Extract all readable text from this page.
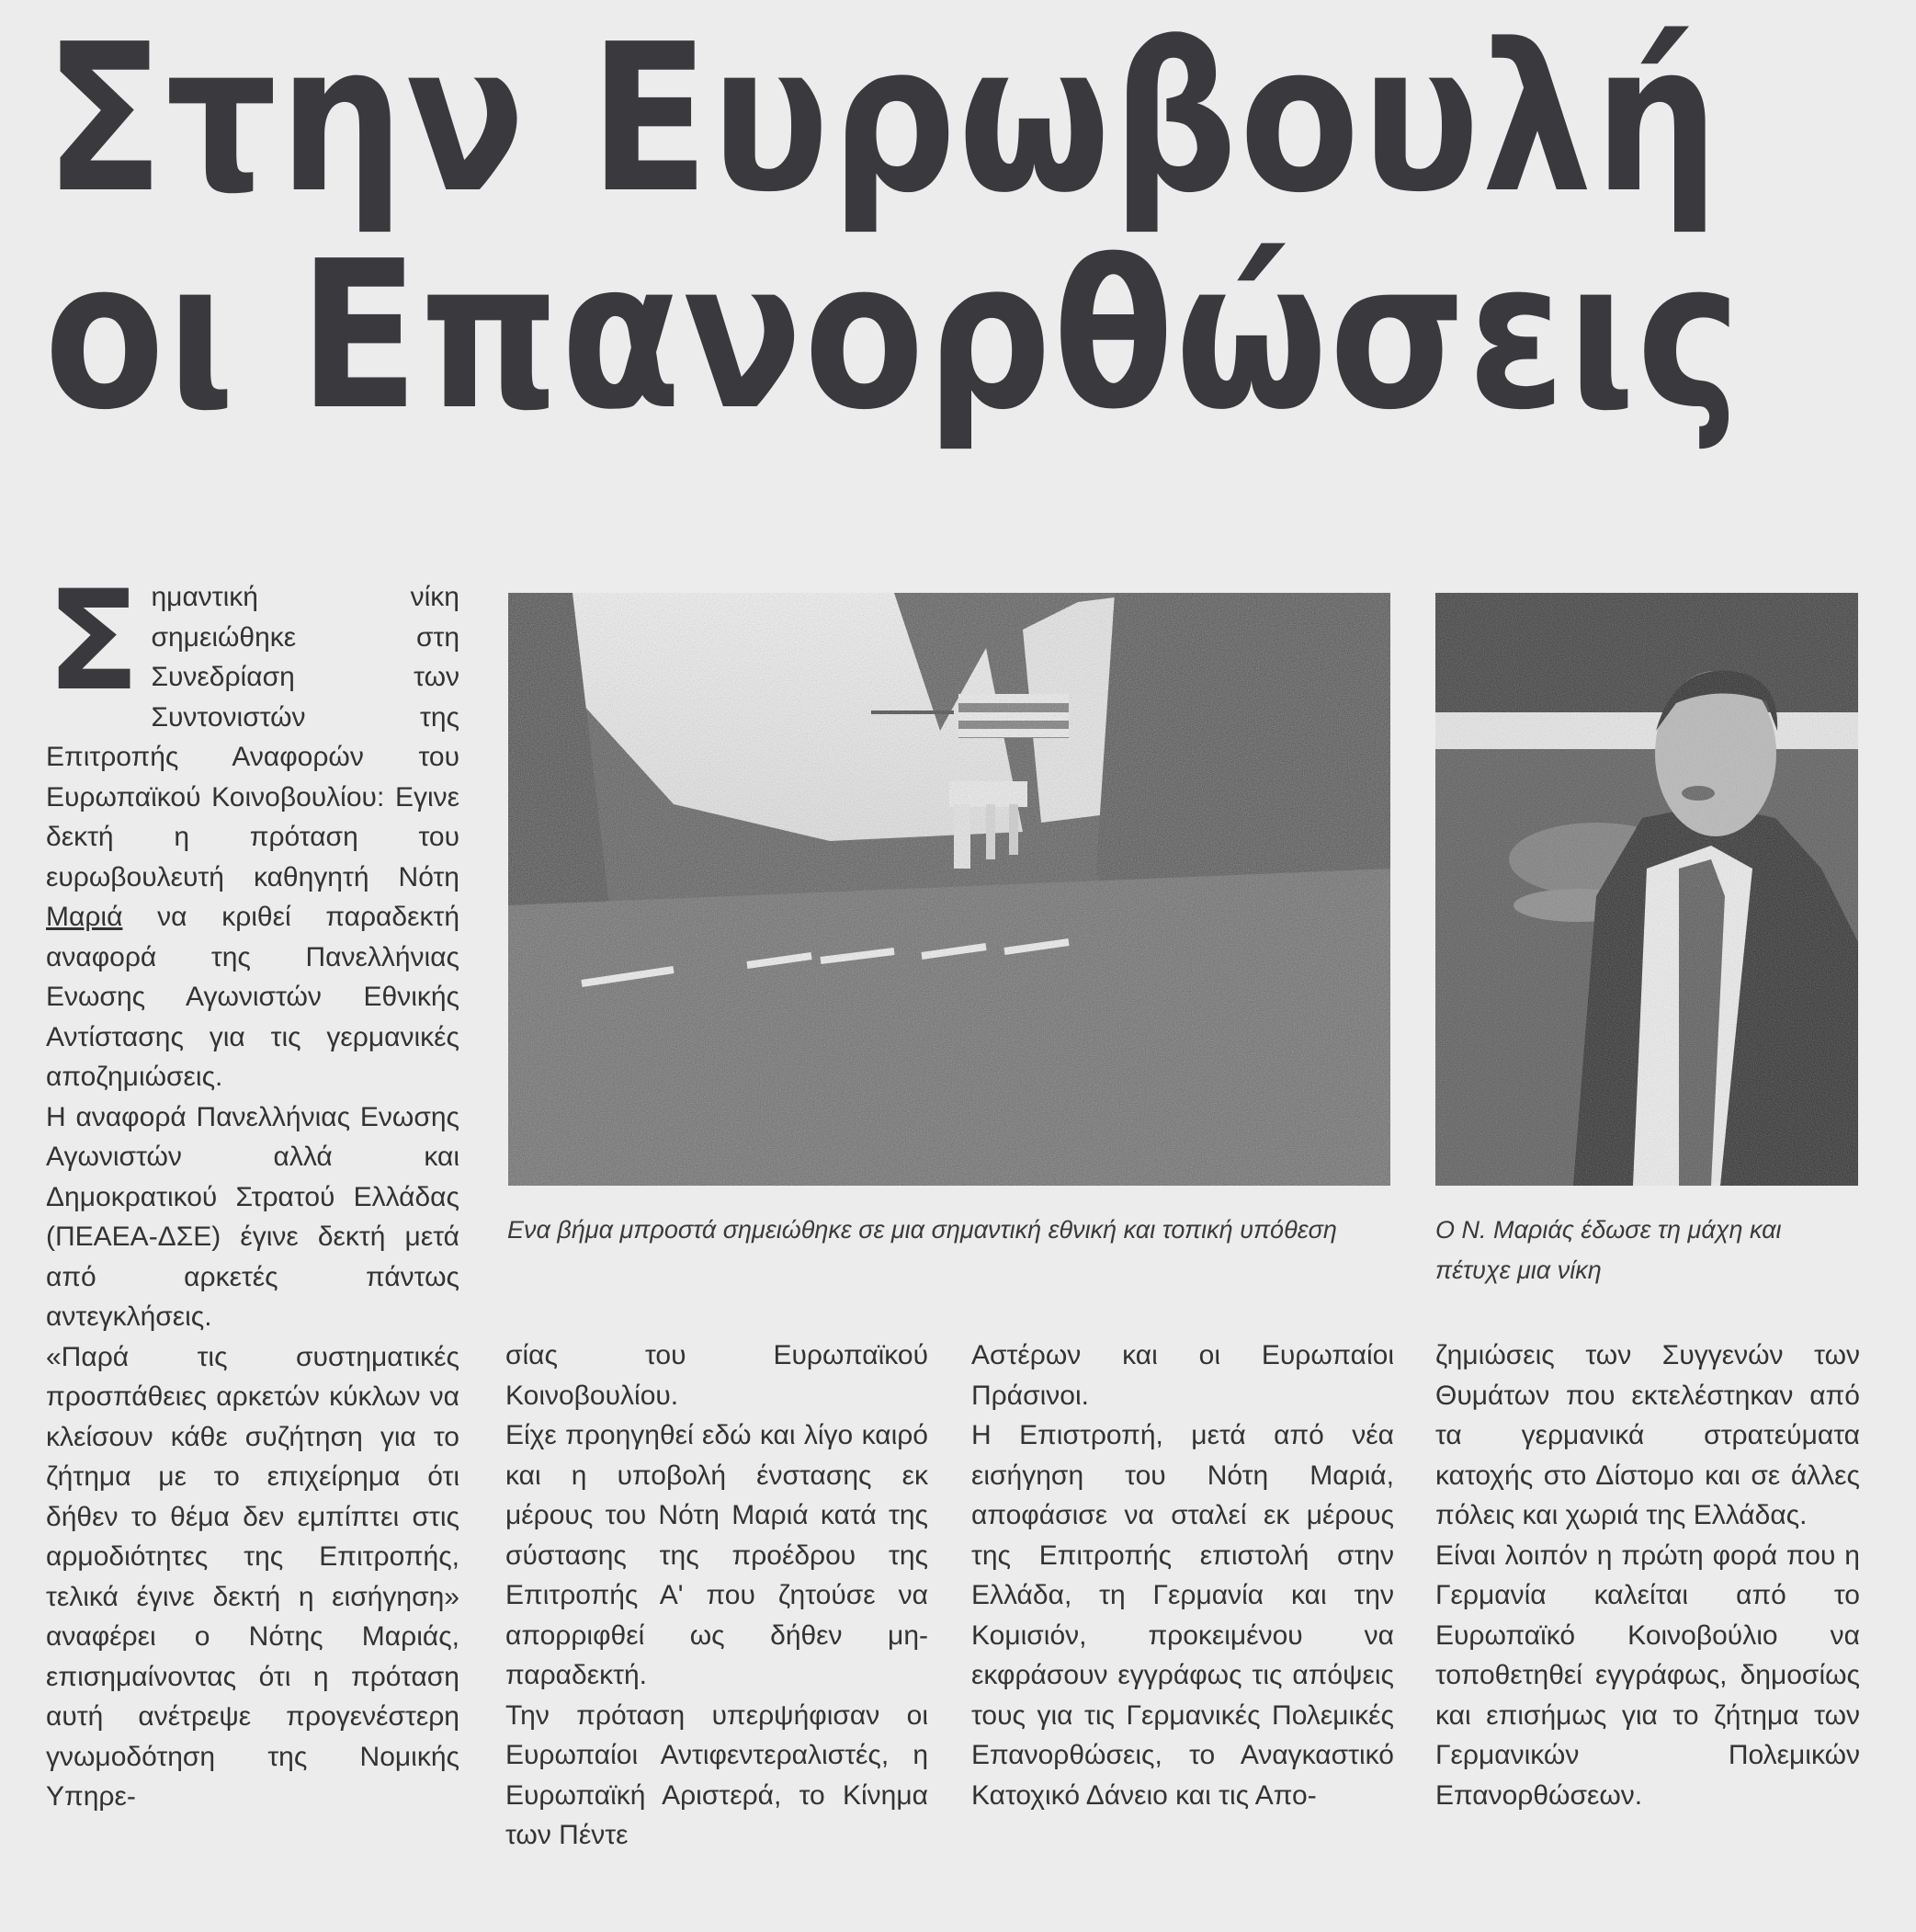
Στην Ευρωβουλή
οι Επανορθώσεις

Σημαντική νίκη σημειώθηκε στη Συνεδρίαση των Συντονιστών της Επιτροπής Αναφορών του Ευρωπαϊκού Κοινοβουλίου: Εγινε δεκτή η πρόταση του ευρωβουλευτή καθηγητή Νότη Μαριά να κριθεί παραδεκτή αναφορά της Πανελλήνιας Ενωσης Αγωνιστών Εθνικής Αντίστασης για τις γερμανικές αποζημιώσεις.

Η αναφορά Πανελλήνιας Ενωσης Αγωνιστών αλλά και Δημοκρατικού Στρατού Ελλάδας (ΠΕΑΕΑ-ΔΣΕ) έγινε δεκτή μετά από αρκετές πάντως αντεγκλήσεις.

«Παρά τις συστηματικές προσπάθειες αρκετών κύκλων να κλείσουν κάθε συζήτηση για το ζήτημα με το επιχείρημα ότι δήθεν το θέμα δεν εμπίπτει στις αρμοδιότητες της Επιτροπής, τελικά έγινε δεκτή η εισήγηση» αναφέρει ο Νότης Μαριάς, επισημαίνοντας ότι η πρόταση αυτή ανέτρεψε προγενέστερη γνωμοδότηση της Νομικής Υπηρε-

Ενα βήμα μπροστά σημειώθηκε σε μια σημαντική εθνική και τοπική υπόθεση	Ο Ν. Μαριάς έδωσε τη μάχη και πέτυχε μια νίκη

σίας του Ευρωπαϊκού Κοινοβουλίου.

Είχε προηγηθεί εδώ και λίγο καιρό και η υποβολή ένστασης εκ μέρους του Νότη Μαριά κατά της σύστασης της προέδρου της Επιτροπής Α' που ζητούσε να απορριφθεί ως δήθεν μη-παραδεκτή.

Την πρόταση υπερψήφισαν οι Ευρωπαίοι Αντιφεντεραλιστές, η Ευρωπαϊκή Αριστερά, το Κίνημα των Πέντε

Αστέρων και οι Ευρωπαίοι Πράσινοι.

Η Επιστροπή, μετά από νέα εισήγηση του Νότη Μαριά, αποφάσισε να σταλεί εκ μέρους της Επιτροπής επιστολή στην Ελλάδα, τη Γερμανία και την Κομισιόν, προκειμένου να εκφράσουν εγγράφως τις απόψεις τους για τις Γερμανικές Πολεμικές Επανορθώσεις, το Αναγκαστικό Κατοχικό Δάνειο και τις Απο-

ζημιώσεις των Συγγενών των Θυμάτων που εκτελέστηκαν από τα γερμανικά στρατεύματα κατοχής στο Δίστομο και σε άλλες πόλεις και χωριά της Ελλάδας.

Είναι λοιπόν η πρώτη φορά που η Γερμανία καλείται από το Ευρωπαϊκό Κοινοβούλιο να τοποθετηθεί εγγράφως, δημοσίως και επισήμως για το ζήτημα των Γερμανικών Πολεμικών Επανορθώσεων.
